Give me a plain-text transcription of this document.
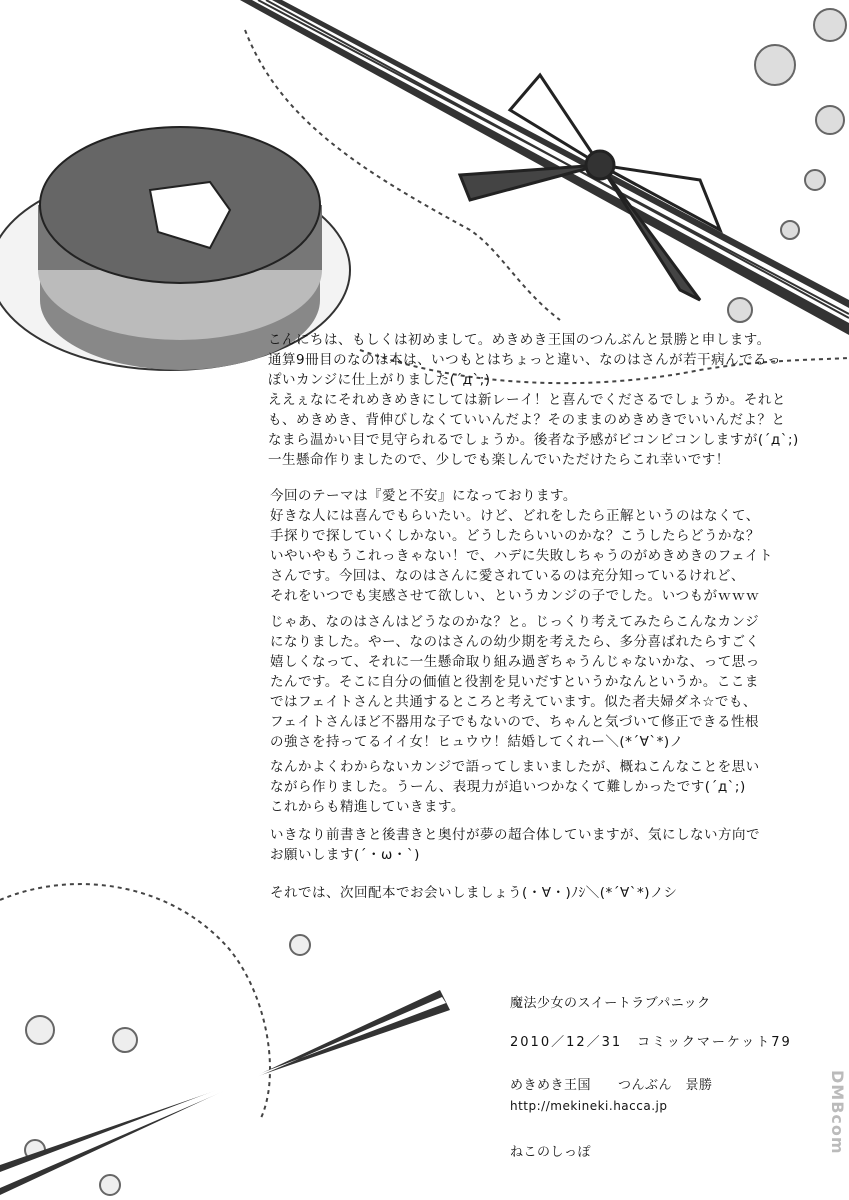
こんにちは、もしくは初めまして。めきめき王国のつんぶんと景勝と申します。

通算9冊目のなのは本は、いつもとはちょっと違い、なのはさんが若干病んでるっ

ぽいカンジに仕上がりました(´д`;)

ええぇなにそれめきめきにしては新レーイ！と喜んでくださるでしょうか。それと

も、めきめき、背伸びしなくていいんだよ？そのままのめきめきでいいんだよ？と

なまら温かい目で見守られるでしょうか。後者な予感がビコンビコンしますが(´д`;)

一生懸命作りましたので、少しでも楽しんでいただけたらこれ幸いです！

今回のテーマは『愛と不安』になっております。

好きな人には喜んでもらいたい。けど、どれをしたら正解というのはなくて、

手探りで探していくしかない。どうしたらいいのかな？こうしたらどうかな？

いやいやもうこれっきゃない！で、ハデに失敗しちゃうのがめきめきのフェイト

さんです。今回は、なのはさんに愛されているのは充分知っているけれど、

それをいつでも実感させて欲しい、というカンジの子でした。いつもがｗｗｗ

じゃあ、なのはさんはどうなのかな？と。じっくり考えてみたらこんなカンジ

になりました。やー、なのはさんの幼少期を考えたら、多分喜ばれたらすごく

嬉しくなって、それに一生懸命取り組み過ぎちゃうんじゃないかな、って思っ

たんです。そこに自分の価値と役割を見いだすというかなんというか。ここま

ではフェイトさんと共通するところと考えています。似た者夫婦ダネ☆でも、

フェイトさんほど不器用な子でもないので、ちゃんと気づいて修正できる性根

の強さを持ってるイイ女！ヒュウウ！結婚してくれー＼(*´∀`*)ノ

なんかよくわからないカンジで語ってしまいましたが、概ねこんなことを思い

ながら作りました。うーん、表現力が追いつかなくて難しかったです(´д`;)

これからも精進していきます。

いきなり前書きと後書きと奥付が夢の超合体していますが、気にしない方向で

お願いします(´・ω・`)

それでは、次回配本でお会いしましょう(・∀・)ﾉｼ＼(*´∀`*)ノシ

魔法少女のスイートラブパニック
2010／12／31　コミックマーケット79
めきめき王国　　つんぶん　景勝
http://mekineki.hacca.jp
ねこのしっぽ	DMBcom
